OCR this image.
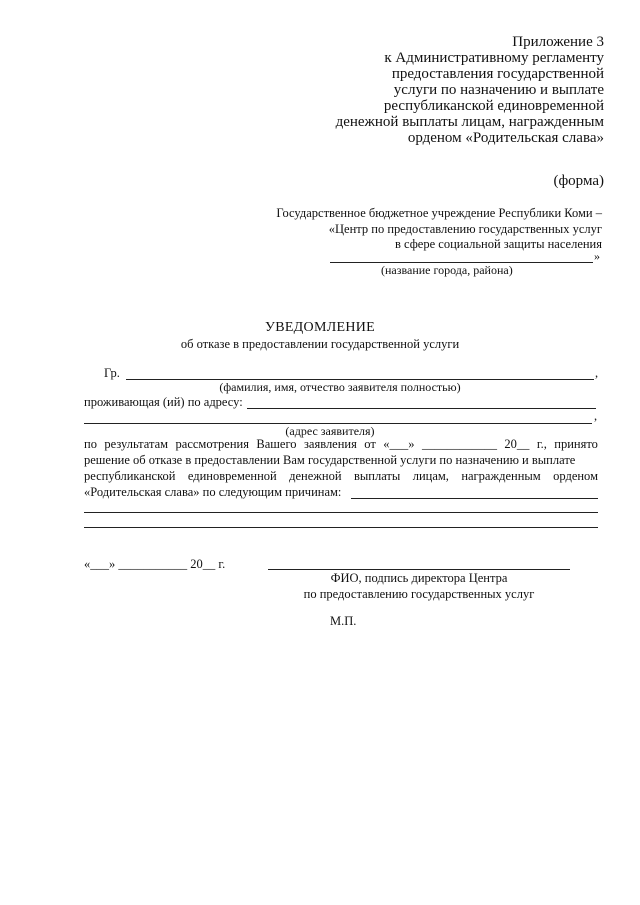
Приложение 3
к Административному регламенту
предоставления государственной
услуги по назначению и выплате
республиканской единовременной
денежной выплаты лицам, награжденным
орденом «Родительская слава»
(форма)
Государственное бюджетное учреждение Республики Коми –
«Центр по предоставлению государственных услуг
в сфере социальной защиты населения
»
(название города, района)
УВЕДОМЛЕНИЕ
об отказе в предоставлении государственной услуги
Гр.	,
(фамилия, имя, отчество заявителя полностью)
проживающая (ий) по адресу:
,
(адрес заявителя)
по результатам рассмотрения Вашего заявления от «___» ____________ 20__ г., принято
решение об отказе в предоставлении Вам государственной услуги по назначению и выплате
республиканской единовременной денежной выплаты лицам, награжденным орденом
«Родительская слава» по следующим причинам:
«___» ___________ 20__ г.
ФИО, подпись директора Центра
по предоставлению государственных услуг
М.П.
